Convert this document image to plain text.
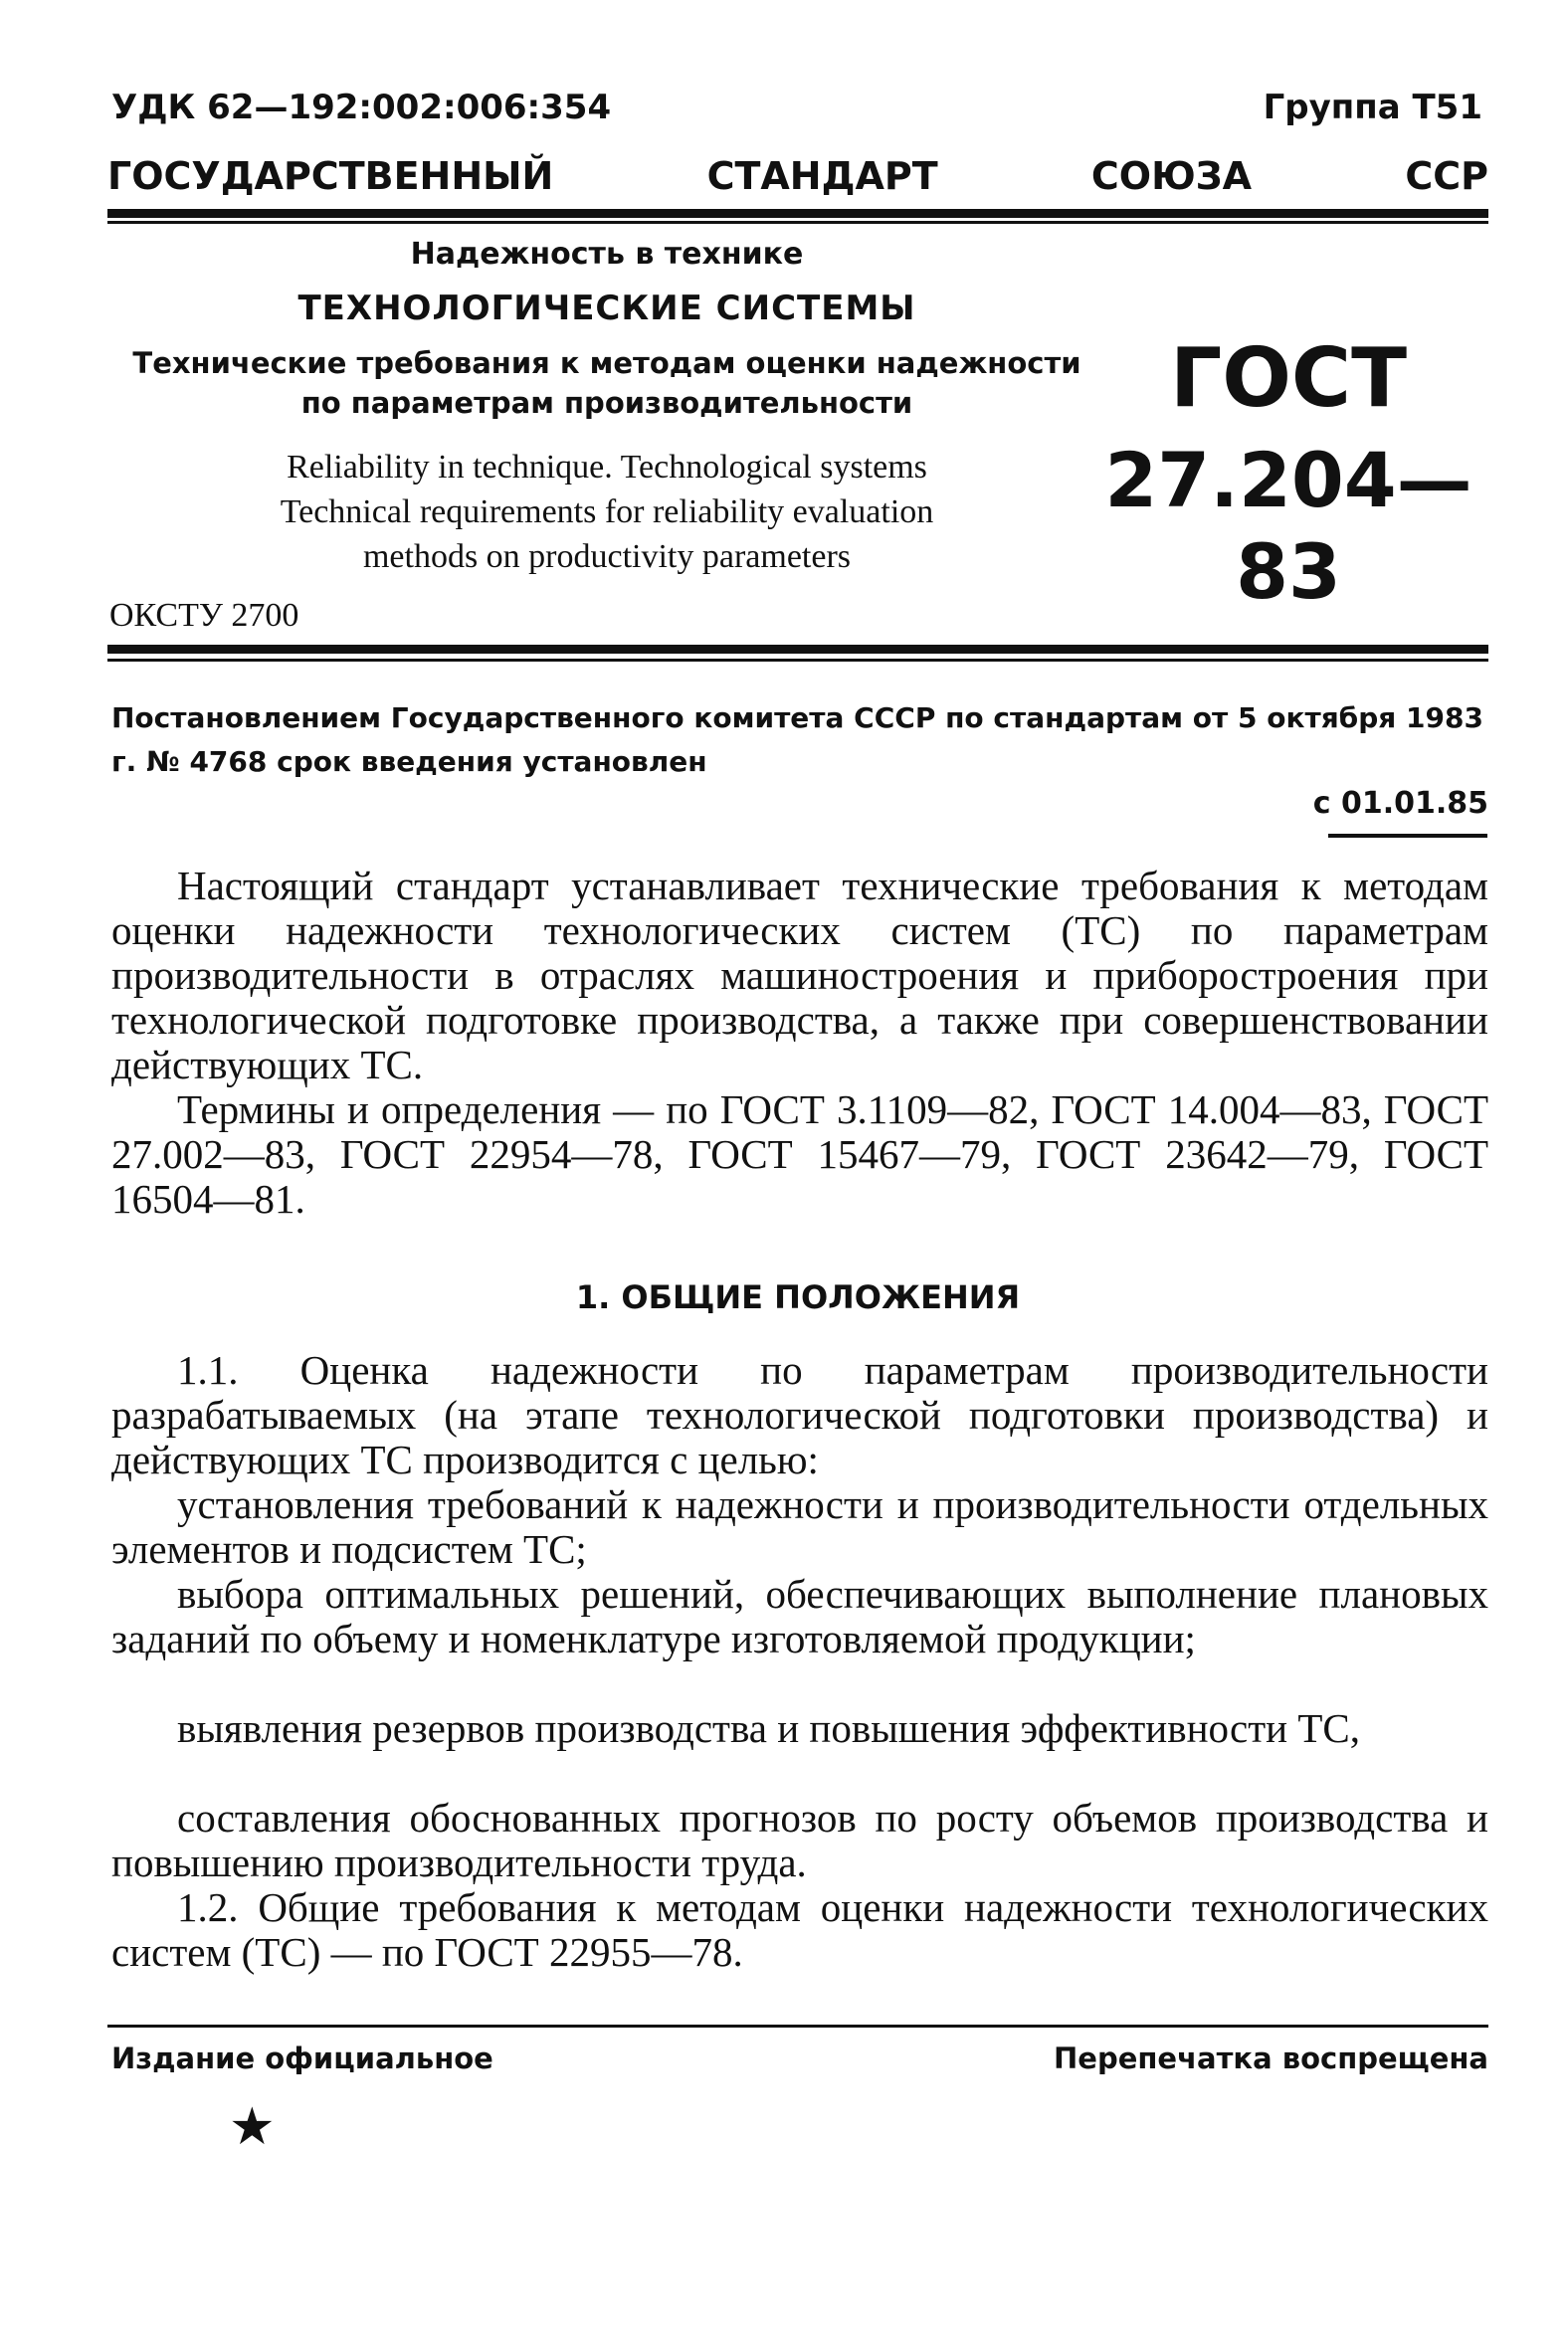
УДК 62—192:002:006:354	Группа Т51
ГОСУДАРСТВЕННЫЙ	СТАНДАРТ	СОЮЗА	ССР
Надежность в технике
ТЕХНОЛОГИЧЕСКИЕ СИСТЕМЫ
Технические требования к методам оценки надежности
по параметрам производительности
Reliability in technique. Technological systems
Technical requirements for reliability evaluation
methods on productivity parameters
ГОСТ
27.204—83
ОКСТУ 2700
Постановлением Государственного комитета СССР по стандартам от 5 октября 1983 г. № 4768 срок введения установлен
с 01.01.85
Настоящий стандарт устанавливает технические требования к методам оценки надежности технологических систем (ТС) по параметрам производительности в отраслях машиностроения и приборостроения при технологической подготовке производства, а также при совершенствовании действующих ТС.
Термины и определения — по ГОСТ 3.1109—82, ГОСТ 14.004—83, ГОСТ 27.002—83, ГОСТ 22954—78, ГОСТ 15467—79, ГОСТ 23642—79, ГОСТ 16504—81.
1. ОБЩИЕ ПОЛОЖЕНИЯ
1.1. Оценка надежности по параметрам производительности разрабатываемых (на этапе технологической подготовки производства) и действующих ТС производится с целью:
установления требований к надежности и производительности отдельных элементов и подсистем ТС;
выбора оптимальных решений, обеспечивающих выполнение плановых заданий по объему и номенклатуре изготовляемой продукции;
выявления резервов производства и повышения эффективности ТС,
составления обоснованных прогнозов по росту объемов производства и повышению производительности труда.
1.2. Общие требования к методам оценки надежности технологических систем (ТС) — по ГОСТ 22955—78.
Издание официальное	Перепечатка воспрещена
★
